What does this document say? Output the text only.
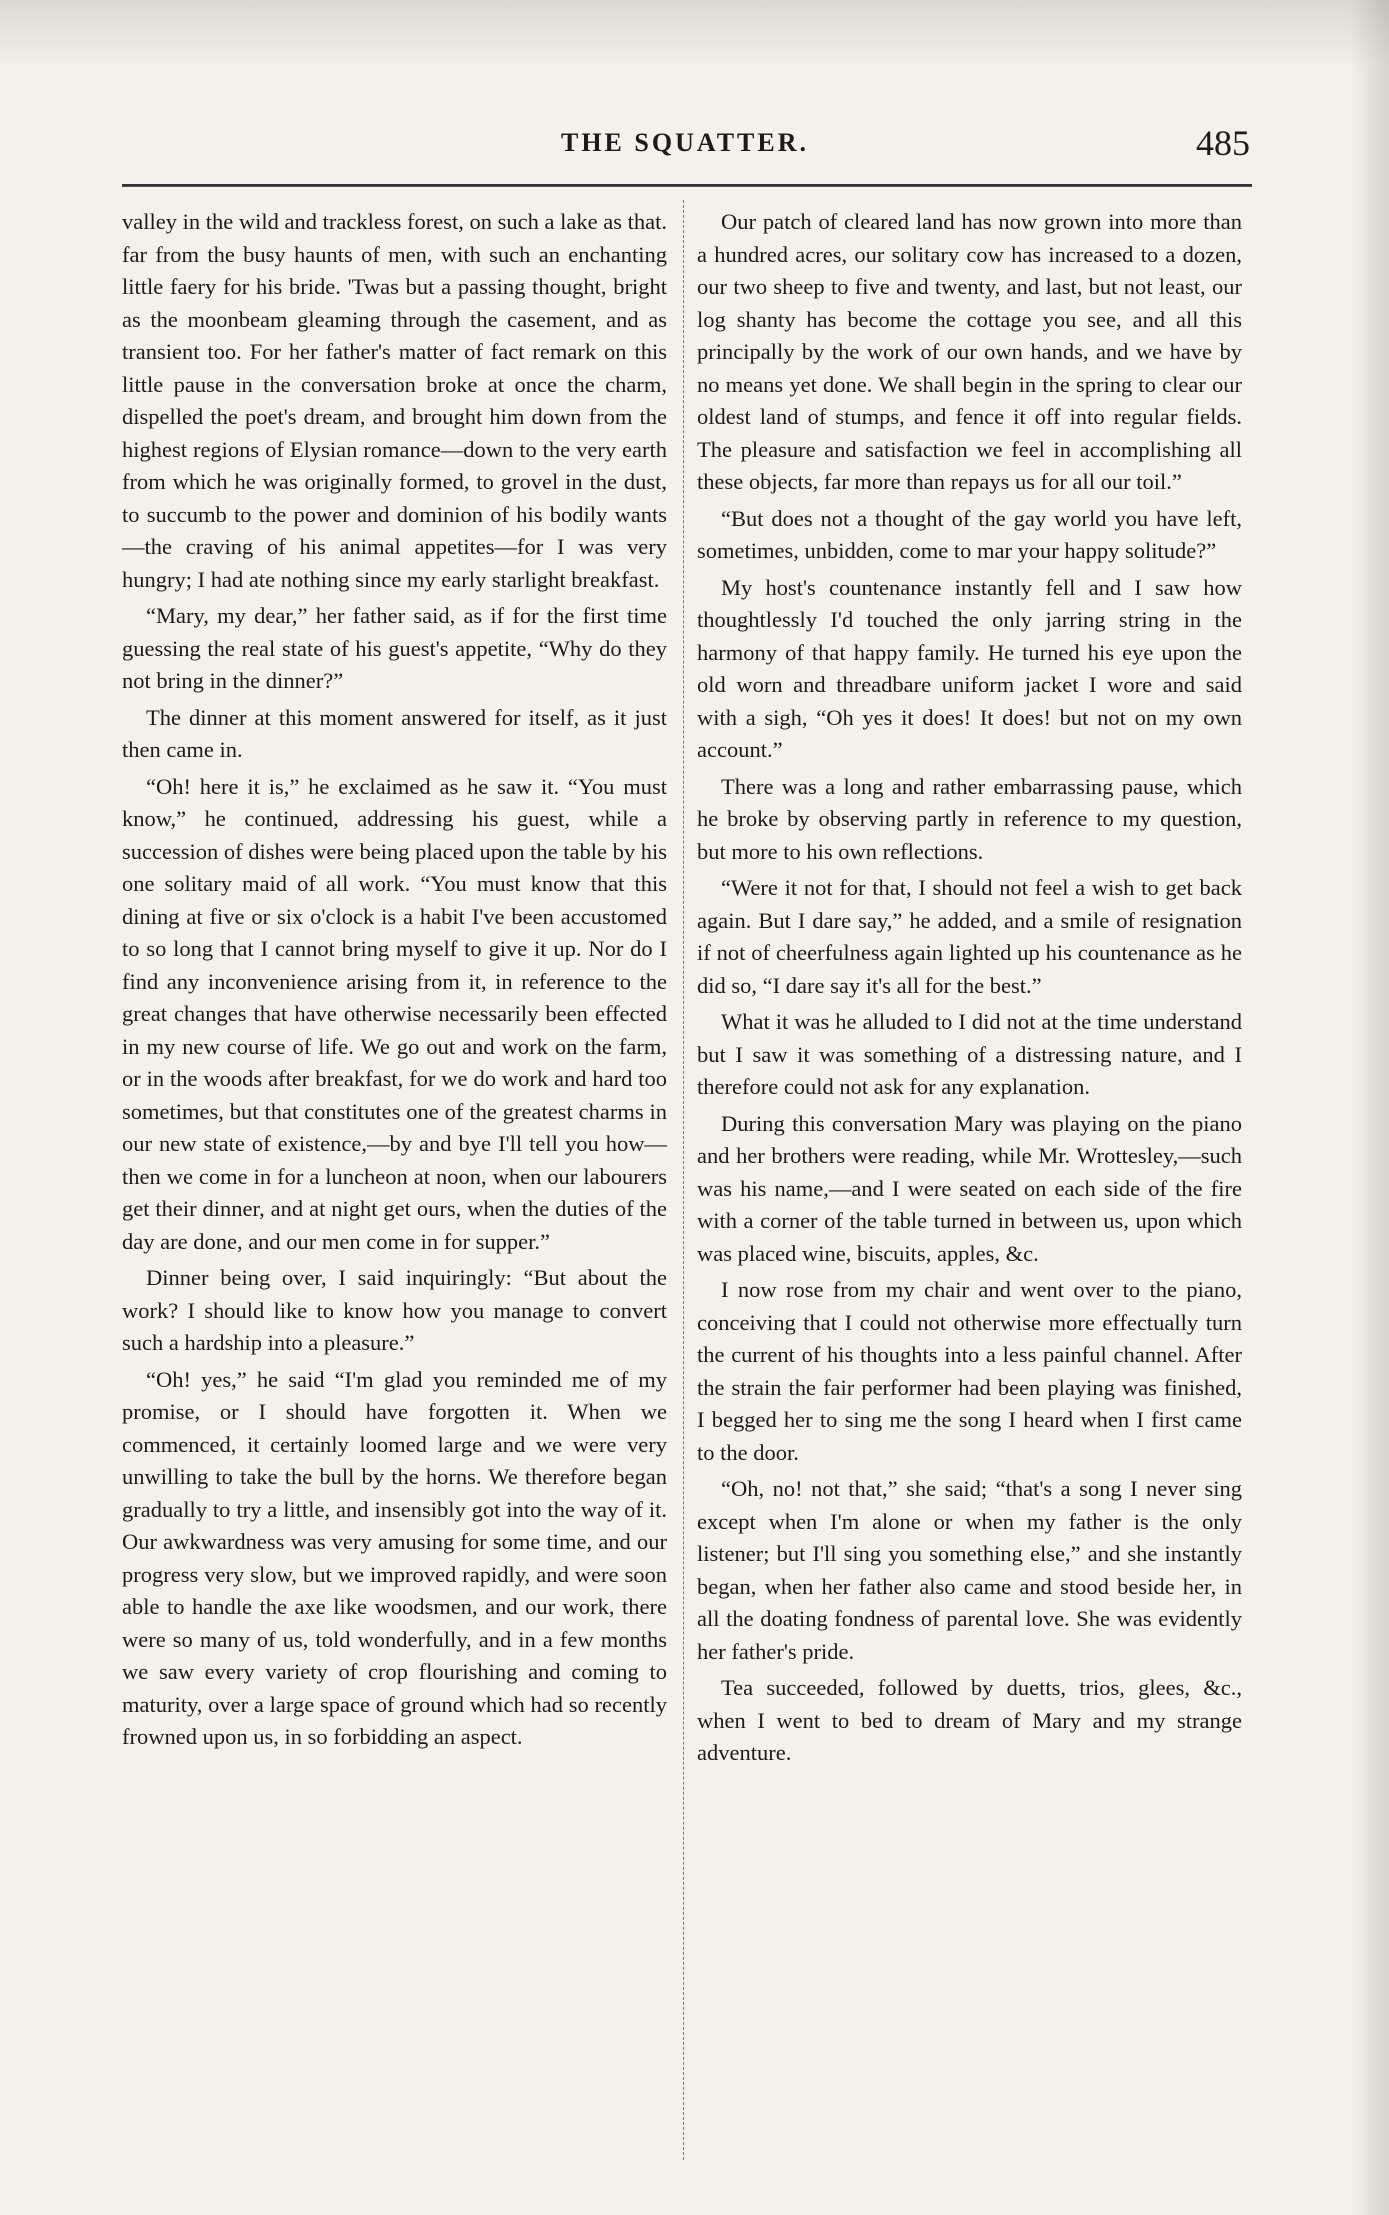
THE SQUATTER.	485

valley in the wild and trackless forest, on such a lake as that. far from the busy haunts of men, with such an enchanting little faery for his bride. 'Twas but a passing thought, bright as the moonbeam gleaming through the casement, and as transient too. For her father's matter of fact remark on this little pause in the conversation broke at once the charm, dispelled the poet's dream, and brought him down from the highest regions of Elysian romance—down to the very earth from which he was originally formed, to grovel in the dust, to succumb to the power and dominion of his bodily wants—the craving of his animal appetites—for I was very hungry; I had ate nothing since my early starlight breakfast.

“Mary, my dear,” her father said, as if for the first time guessing the real state of his guest's appetite, “Why do they not bring in the dinner?”

The dinner at this moment answered for itself, as it just then came in.

“Oh! here it is,” he exclaimed as he saw it. “You must know,” he continued, addressing his guest, while a succession of dishes were being placed upon the table by his one solitary maid of all work. “You must know that this dining at five or six o'clock is a habit I've been accustomed to so long that I cannot bring myself to give it up. Nor do I find any inconvenience arising from it, in reference to the great changes that have otherwise necessarily been effected in my new course of life. We go out and work on the farm, or in the woods after breakfast, for we do work and hard too sometimes, but that constitutes one of the greatest charms in our new state of existence,—by and bye I'll tell you how—then we come in for a luncheon at noon, when our labourers get their dinner, and at night get ours, when the duties of the day are done, and our men come in for supper.”

Dinner being over, I said inquiringly: “But about the work? I should like to know how you manage to convert such a hardship into a pleasure.”

“Oh! yes,” he said “I'm glad you reminded me of my promise, or I should have forgotten it. When we commenced, it certainly loomed large and we were very unwilling to take the bull by the horns. We therefore began gradually to try a little, and insensibly got into the way of it. Our awkwardness was very amusing for some time, and our progress very slow, but we improved rapidly, and were soon able to handle the axe like woodsmen, and our work, there were so many of us, told wonderfully, and in a few months we saw every variety of crop flourishing and coming to maturity, over a large space of ground which had so recently frowned upon us, in so forbidding an aspect.

Our patch of cleared land has now grown into more than a hundred acres, our solitary cow has increased to a dozen, our two sheep to five and twenty, and last, but not least, our log shanty has become the cottage you see, and all this principally by the work of our own hands, and we have by no means yet done. We shall begin in the spring to clear our oldest land of stumps, and fence it off into regular fields. The pleasure and satisfaction we feel in accomplishing all these objects, far more than repays us for all our toil.”

“But does not a thought of the gay world you have left, sometimes, unbidden, come to mar your happy solitude?”

My host's countenance instantly fell and I saw how thoughtlessly I'd touched the only jarring string in the harmony of that happy family. He turned his eye upon the old worn and threadbare uniform jacket I wore and said with a sigh, “Oh yes it does! It does! but not on my own account.”

There was a long and rather embarrassing pause, which he broke by observing partly in reference to my question, but more to his own reflections.

“Were it not for that, I should not feel a wish to get back again. But I dare say,” he added, and a smile of resignation if not of cheerfulness again lighted up his countenance as he did so, “I dare say it's all for the best.”

What it was he alluded to I did not at the time understand but I saw it was something of a distressing nature, and I therefore could not ask for any explanation.

During this conversation Mary was playing on the piano and her brothers were reading, while Mr. Wrottesley,—such was his name,—and I were seated on each side of the fire with a corner of the table turned in between us, upon which was placed wine, biscuits, apples, &c.

I now rose from my chair and went over to the piano, conceiving that I could not otherwise more effectually turn the current of his thoughts into a less painful channel. After the strain the fair performer had been playing was finished, I begged her to sing me the song I heard when I first came to the door.

“Oh, no! not that,” she said; “that's a song I never sing except when I'm alone or when my father is the only listener; but I'll sing you something else,” and she instantly began, when her father also came and stood beside her, in all the doating fondness of parental love. She was evidently her father's pride.

Tea succeeded, followed by duetts, trios, glees, &c., when I went to bed to dream of Mary and my strange adventure.
